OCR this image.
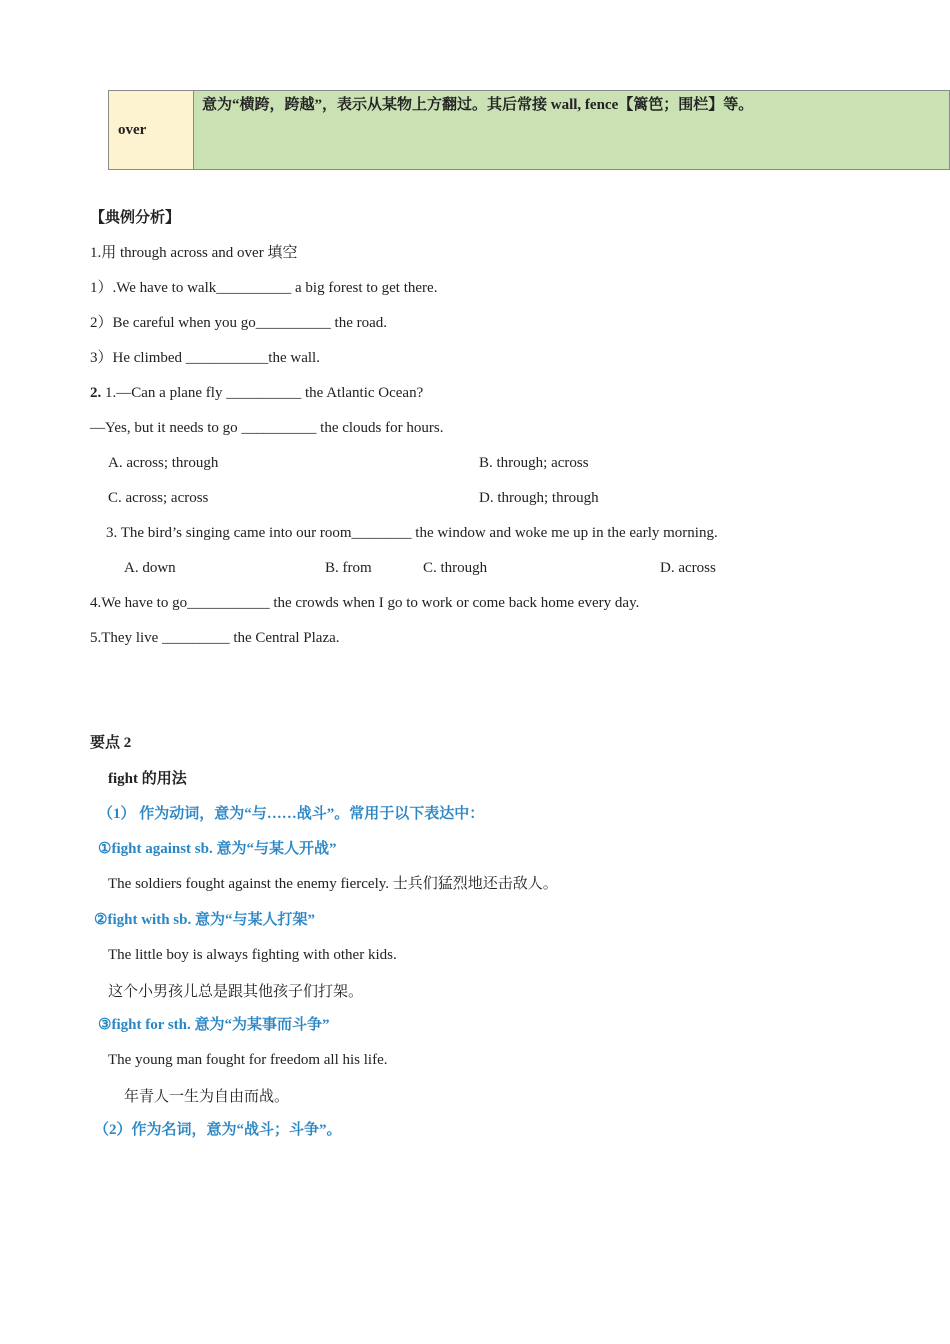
over	意为“横跨，跨越”，表示从某物上方翻过。其后常接 wall, fence【篱笆；围栏】等。
【典例分析】
1.用 through across and over 填空
1）.We have to walk__________ a big forest to get there.
2）Be careful when you go__________ the road.
3）He climbed ___________the wall.
2. 1.—Can a plane fly __________ the Atlantic Ocean?
—Yes, but it needs to go __________ the clouds for hours.
A. across; through	B. through; across
C. across; across	D. through; through
3. The bird’s singing came into our room________ the window and woke me up in the early morning.
A. down	B. from	C. through	D. across
4.We have to go___________ the crowds when I go to work or come back home every day.
5.They live _________ the Central Plaza.
要点 2
fight 的用法
（1） 作为动词，意为“与……战斗”。常用于以下表达中：
①fight against sb. 意为“与某人开战”
The soldiers fought against the enemy fiercely. 士兵们猛烈地还击敌人。
②fight with sb. 意为“与某人打架”
The little boy is always fighting with other kids.
这个小男孩儿总是跟其他孩子们打架。
③fight for sth. 意为“为某事而斗争”
The young man fought for freedom all his life.
年青人一生为自由而战。
（2）作为名词，意为“战斗；斗争”。
